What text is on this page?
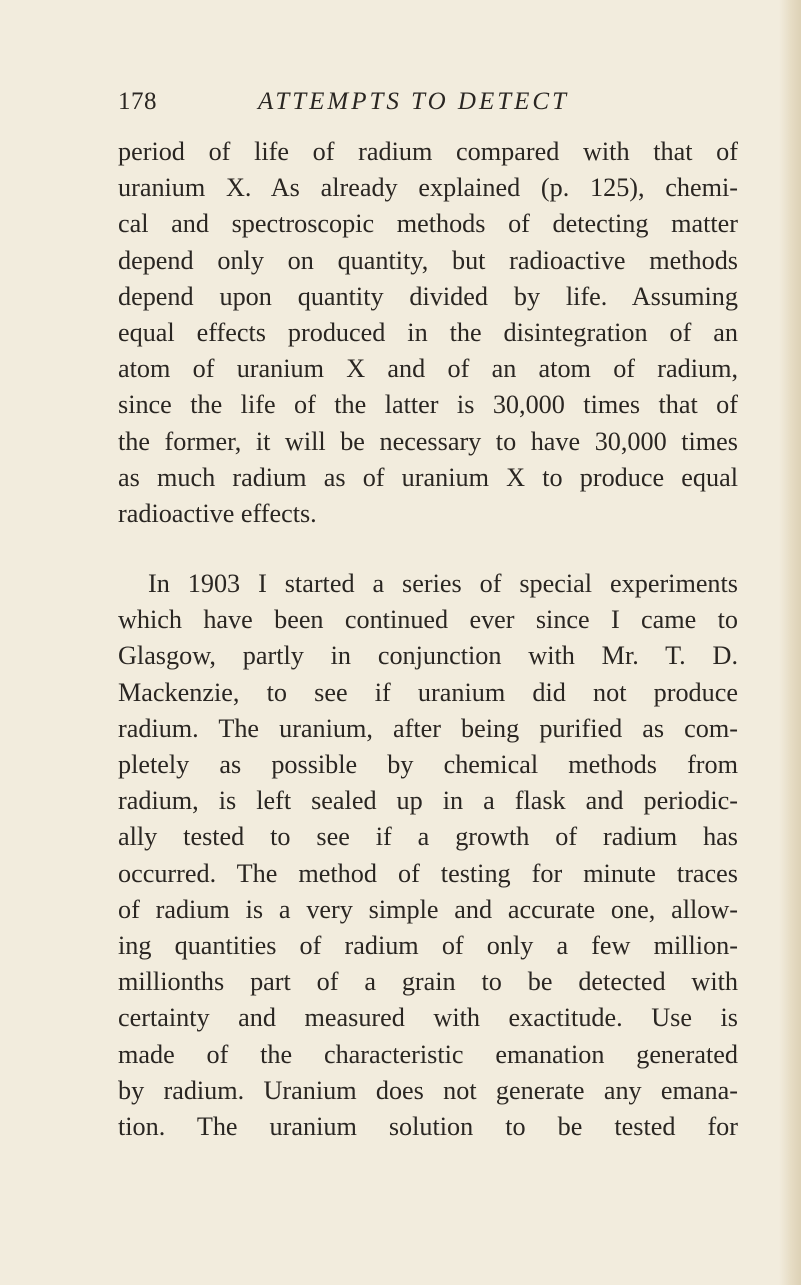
178	ATTEMPTS TO DETECT
period of life of radium compared with that of
uranium X. As already explained (p. 125), chemi-
cal and spectroscopic methods of detecting matter
depend only on quantity, but radioactive methods
depend upon quantity divided by life. Assuming
equal effects produced in the disintegration of an
atom of uranium X and of an atom of radium,
since the life of the latter is 30,000 times that of
the former, it will be necessary to have 30,000 times
as much radium as of uranium X to produce equal
radioactive effects.
In 1903 I started a series of special experiments
which have been continued ever since I came to
Glasgow, partly in conjunction with Mr. T. D.
Mackenzie, to see if uranium did not produce
radium. The uranium, after being purified as com-
pletely as possible by chemical methods from
radium, is left sealed up in a flask and periodic-
ally tested to see if a growth of radium has
occurred. The method of testing for minute traces
of radium is a very simple and accurate one, allow-
ing quantities of radium of only a few million-
millionths part of a grain to be detected with
certainty and measured with exactitude. Use is
made of the characteristic emanation generated
by radium. Uranium does not generate any emana-
tion. The uranium solution to be tested for
